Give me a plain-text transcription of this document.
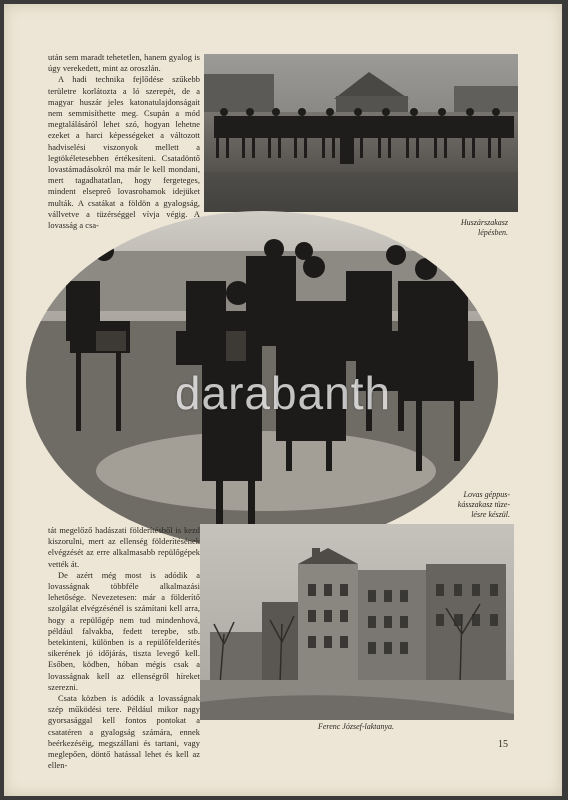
után sem maradt tehetetlen, hanem gyalog is úgy verekedett, mint az oroszlán.

A hadi technika fejlődése szűkebb területre korlátozta a ló szerepét, de a magyar huszár jeles katonatulajdonságait nem semmisíthette meg. Csupán a mód megtalálásáról lehet szó, hogyan lehetne ezeket a harci képességeket a változott hadviselési viszonyok mellett a legtökéletesebben értékesíteni. Csatadöntő lovastámadásokról ma már le kell mondani, mert tagadhatatlan, hogy fergeteges, mindent elsepreő lovasrohamok idejüket multák. A csatákat a földön a gyalogság, vállvetve a tüzérséggel vívja végig. A lovasság a csa-	Huszárszakasz
lépésben.
Lovas géppus-
kásszakasz tüze-
lésre készül.

tát megelőző hadászati földerítésből is kezd kiszorulni, mert az ellenség földerítésének elvégzését az erre alkalmasabb repülőgépek vették át.

De azért még most is adódik a lovasságnak többféle alkalmazási lehetősége. Nevezetesen: már a földerítő szolgálat elvégzésénél is számítani kell arra, hogy a repülőgép nem tud mindenhová, például falvakba, fedett terepbe, stb. betekinteni, különben is a repülőfelderítés sikerének jó időjárás, tiszta levegő kell. Esőben, ködben, hóban mégis csak a lovasságnak kell az ellenségről híreket szerezni.

Csata közben is adódik a lovasságnak szép működési tere. Például mikor nagy gyorsasággal kell fontos pontokat a csatatéren a gyalogság számára, ennek beérkezéséig, megszállani és tartani, vagy meglepően, döntő hatással lehet és kell az ellen-

Ferenc József-laktanya.
15
darabanth
